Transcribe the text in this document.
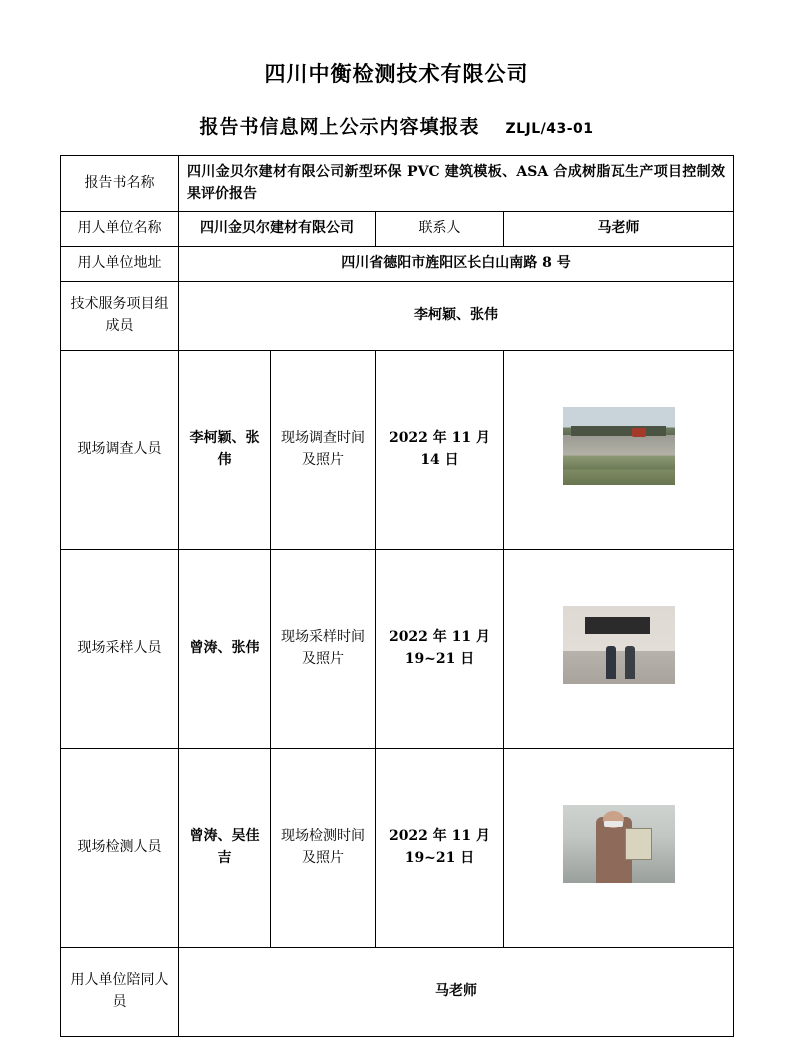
四川中衡检测技术有限公司
报告书信息网上公示内容填报表 ZLJL/43-01
报告书名称	四川金贝尔建材有限公司新型环保 PVC 建筑模板、ASA 合成树脂瓦生产项目控制效果评价报告			
用人单位名称	四川金贝尔建材有限公司		联系人	马老师
用人单位地址	四川省德阳市旌阳区长白山南路 8 号			
技术服务项目组成员	李柯颖、张伟			
现场调查人员	李柯颖、张伟	现场调查时间及照片	2022 年 11 月 14 日	
现场采样人员	曾涛、张伟	现场采样时间及照片	2022 年 11 月 19~21 日	

现场检测人员	曾涛、吴佳吉	现场检测时间及照片	2022 年 11 月 19~21 日	

用人单位陪同人员	马老师			
